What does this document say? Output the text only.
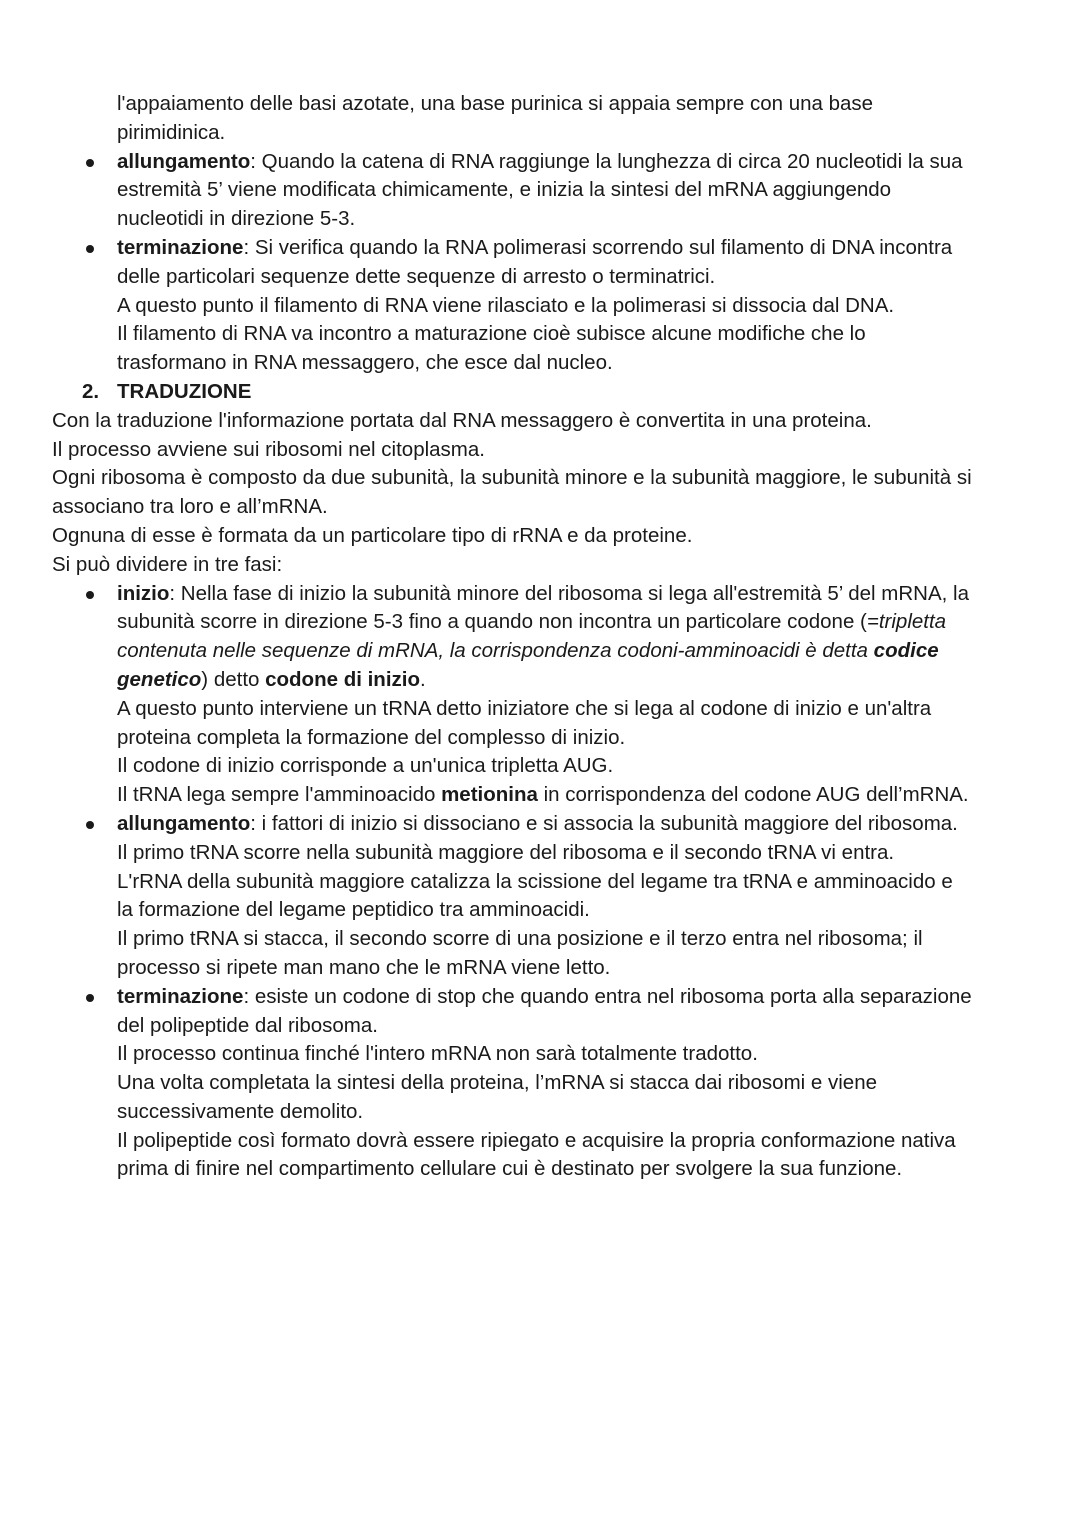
l'appaiamento delle basi azotate, una base purinica si appaia sempre con una base
pirimidinica.
allungamento: Quando la catena di RNA raggiunge la lunghezza di circa 20 nucleotidi la sua
estremità 5’ viene modificata chimicamente, e inizia la sintesi del mRNA aggiungendo
nucleotidi in direzione 5-3.
terminazione: Si verifica quando la RNA polimerasi scorrendo sul filamento di DNA incontra
delle particolari sequenze dette sequenze di arresto o terminatrici.
A questo punto il filamento di RNA viene rilasciato e la polimerasi si dissocia dal DNA.
Il filamento di RNA va incontro a maturazione cioè subisce alcune modifiche che lo
trasformano in RNA messaggero, che esce dal nucleo.
2. TRADUZIONE
Con la traduzione l'informazione portata dal RNA messaggero è convertita in una proteina.
Il processo avviene sui ribosomi nel citoplasma.
Ogni ribosoma è composto da due subunità, la subunità minore e la subunità maggiore, le subunità si
associano tra loro e all’mRNA.
Ognuna di esse è formata da un particolare tipo di rRNA e da proteine.
Si può dividere in tre fasi:
inizio: Nella fase di inizio la subunità minore del ribosoma si lega all'estremità 5’ del mRNA, la
subunità scorre in direzione 5-3 fino a quando non incontra un particolare codone (=tripletta
contenuta nelle sequenze di mRNA, la corrispondenza codoni-amminoacidi è detta codice
genetico) detto codone di inizio.
A questo punto interviene un tRNA detto iniziatore che si lega al codone di inizio e un'altra
proteina completa la formazione del complesso di inizio.
Il codone di inizio corrisponde a un'unica tripletta AUG.
Il tRNA lega sempre l'amminoacido metionina in corrispondenza del codone AUG dell’mRNA.
allungamento: i fattori di inizio si dissociano e si associa la subunità maggiore del ribosoma.
Il primo tRNA scorre nella subunità maggiore del ribosoma e il secondo tRNA vi entra.
L'rRNA della subunità maggiore catalizza la scissione del legame tra tRNA e amminoacido e
la formazione del legame peptidico tra amminoacidi.
Il primo tRNA si stacca, il secondo scorre di una posizione e il terzo entra nel ribosoma; il
processo si ripete man mano che le mRNA viene letto.
terminazione: esiste un codone di stop che quando entra nel ribosoma porta alla separazione
del polipeptide dal ribosoma.
Il processo continua finché l'intero mRNA non sarà totalmente tradotto.
Una volta completata la sintesi della proteina, l’mRNA si stacca dai ribosomi e viene
successivamente demolito.
Il polipeptide così formato dovrà essere ripiegato e acquisire la propria conformazione nativa
prima di finire nel compartimento cellulare cui è destinato per svolgere la sua funzione.
